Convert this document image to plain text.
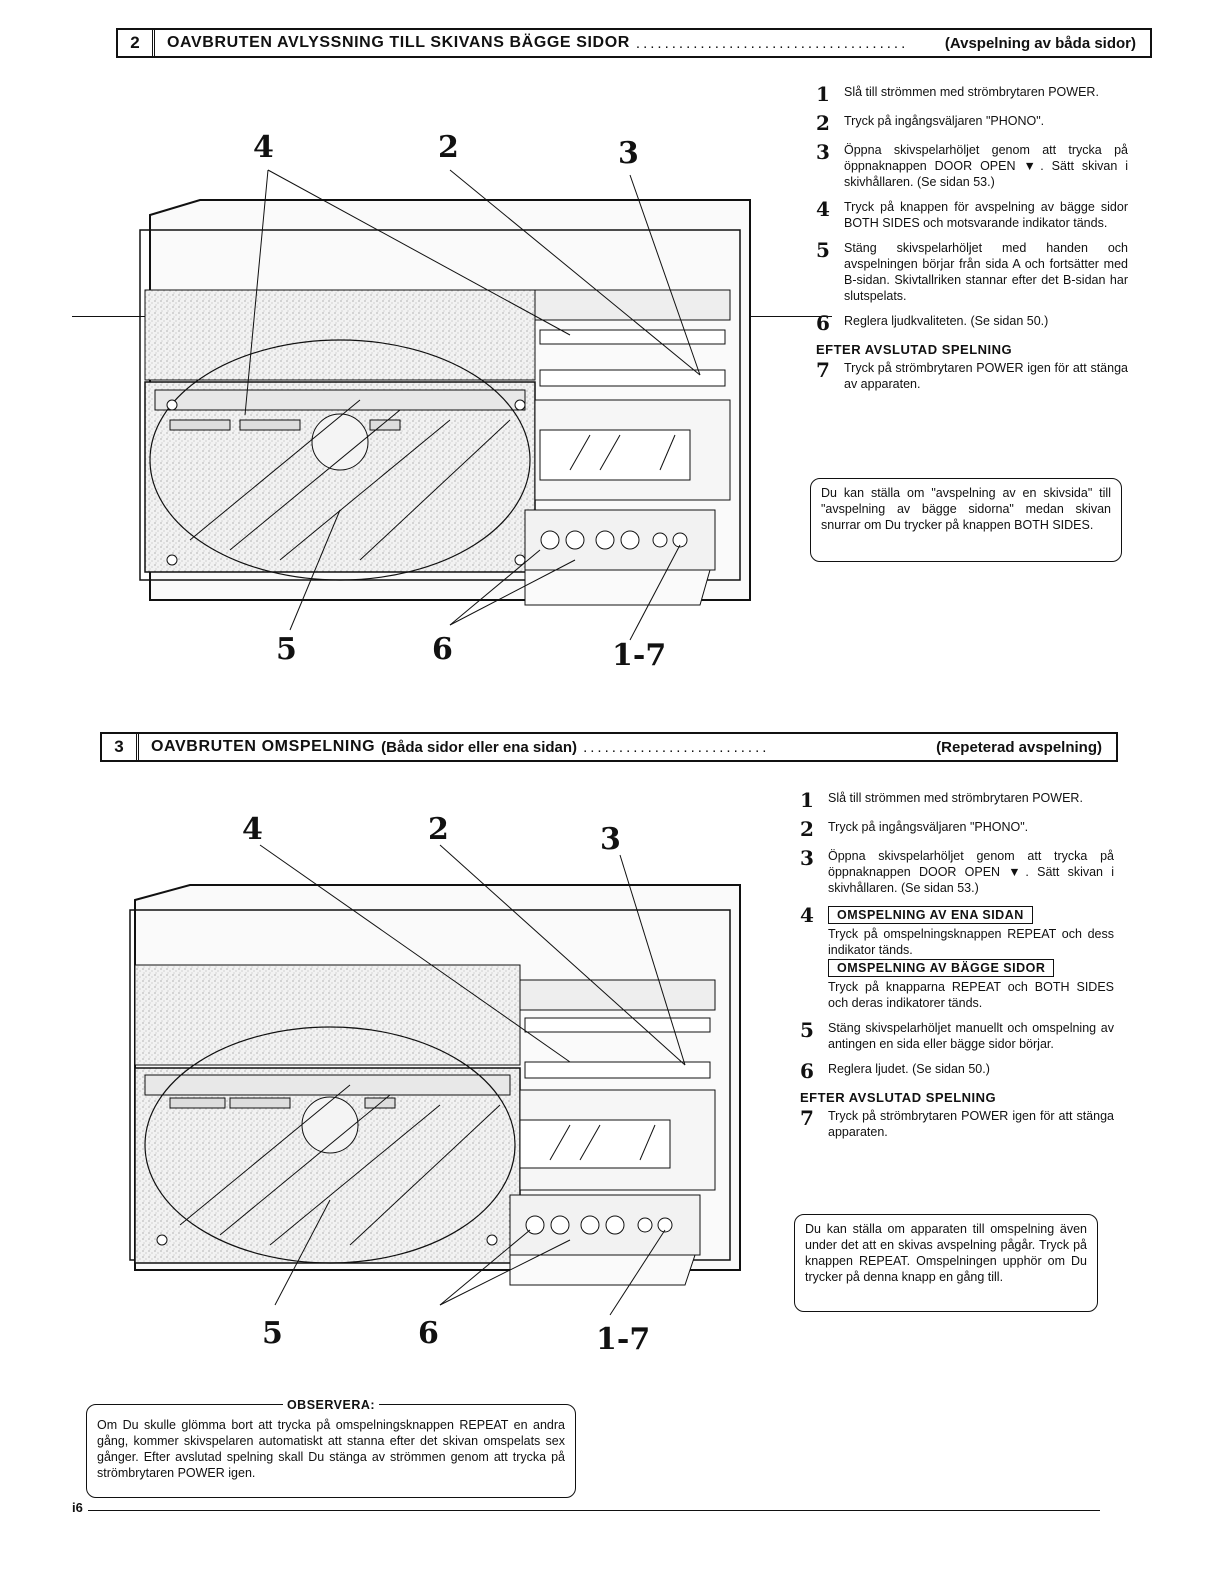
2	OAVBRUTEN AVLYSSNING TILL SKIVANS BÄGGE SIDOR ......................................	(Avspelning av båda sidor)
4	2	3
5	6	1-7
1	Slå till strömmen med strömbrytaren POWER.
2	Tryck på ingångsväljaren "PHONO".
3	Öppna skivspelarhöljet genom att trycka på öppnaknappen DOOR OPEN ▼. Sätt skivan i skivhållaren. (Se sidan 53.)
4	Tryck på knappen för avspelning av bägge sidor BOTH SIDES och motsvarande indikator tänds.
5	Stäng skivspelarhöljet med handen och avspelningen börjar från sida A och fortsätter med B-sidan. Skivtallriken stannar efter det B-sidan har slutspelats.
6	Reglera ljudkvaliteten. (Se sidan 50.)
EFTER AVSLUTAD SPELNING
7	Tryck på strömbrytaren POWER igen för att stänga av apparaten.
Du kan ställa om "avspelning av en skivsida" till "avspelning av bägge sidorna" medan skivan snurrar om Du trycker på knappen BOTH SIDES.
3	OAVBRUTEN OMSPELNING (Båda sidor eller ena sidan) ..........................	(Repeterad avspelning)
4	2	3
5	6	1-7
1	Slå till strömmen med strömbrytaren POWER.
2	Tryck på ingångsväljaren "PHONO".
3	Öppna skivspelarhöljet genom att trycka på öppnaknappen DOOR OPEN ▼. Sätt skivan i skivhållaren. (Se sidan 53.)
4	OMSPELNING AV ENA SIDAN
Tryck på omspelningsknappen REPEAT och dess indikator tänds.
OMSPELNING AV BÄGGE SIDOR
Tryck på knapparna REPEAT och BOTH SIDES och deras indikatorer tänds.
5	Stäng skivspelarhöljet manuellt och omspelning av antingen en sida eller bägge sidor börjar.
6	Reglera ljudet. (Se sidan 50.)
EFTER AVSLUTAD SPELNING
7	Tryck på strömbrytaren POWER igen för att stänga apparaten.
Du kan ställa om apparaten till omspelning även under det att en skivas avspelning pågår. Tryck på knappen REPEAT. Omspelningen upphör om Du trycker på denna knapp en gång till.
OBSERVERA:
Om Du skulle glömma bort att trycka på omspelningsknappen REPEAT en andra gång, kommer skivspelaren automatiskt att stanna efter det skivan omspelats sex gånger. Efter avslutad spelning skall Du stänga av strömmen genom att trycka på strömbrytaren POWER igen.
i6
